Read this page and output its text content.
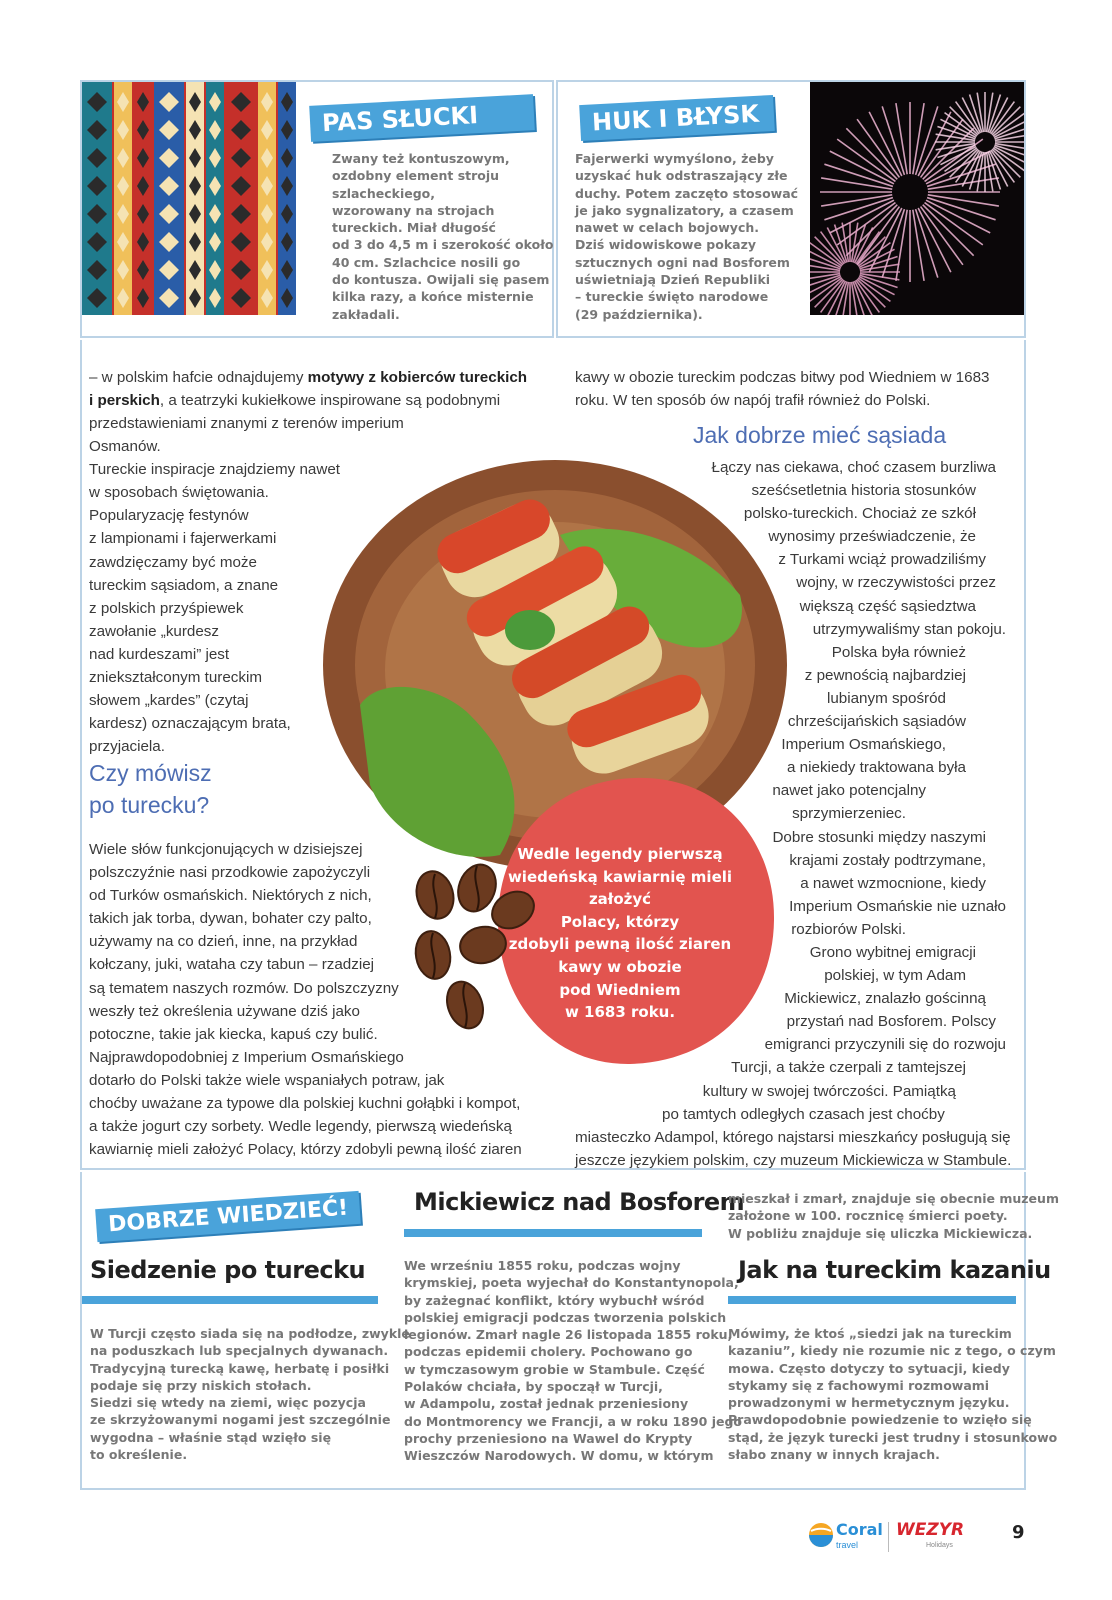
PAS SŁUCKI
Zwany też kontuszowym,
ozdobny element stroju
szlacheckiego,
wzorowany na strojach
tureckich. Miał długość
od 3 do 4,5 m i szerokość około
40 cm. Szlachcice nosili go
do kontusza. Owijali się pasem
kilka razy, a końce misternie
zakładali.
HUK I BŁYSK
Fajerwerki wymyślono, żeby
uzyskać huk odstraszający złe
duchy. Potem zaczęto stosować
je jako sygnalizatory, a czasem
nawet w celach bojowych.
Dziś widowiskowe pokazy
sztucznych ogni nad Bosforem
uświetniają Dzień Republiki
– tureckie święto narodowe
(29 października).
Wedle legendy pierwszą
wiedeńską kawiarnię mieli
założyć
Polacy, którzy
zdobyli pewną ilość ziaren
kawy w obozie
pod Wiedniem
w 1683 roku.
– w polskim hafcie odnajdujemy motywy z kobierców tureckich
i perskich, a teatrzyki kukiełkowe inspirowane są podobnymi
przedstawieniami znanymi z terenów imperium
Osmanów.
Tureckie inspiracje znajdziemy nawet
w sposobach świętowania.
Popularyzację festynów
z lampionami i fajerwerkami
zawdzięczamy być może
tureckim sąsiadom, a znane
z polskich przyśpiewek
zawołanie „kurdesz
nad kurdeszami” jest
zniekształconym tureckim
słowem „kardes” (czytaj
kardesz) oznaczającym brata,
przyjaciela.
Czy mówisz
po turecku?
Wiele słów funkcjonujących w dzisiejszej
polszczyźnie nasi przodkowie zapożyczyli
od Turków osmańskich. Niektórych z nich,
takich jak torba, dywan, bohater czy palto,
używamy na co dzień, inne, na przykład
kołczany, juki, wataha czy tabun – rzadziej
są tematem naszych rozmów. Do polszczyzny
weszły też określenia używane dziś jako
potoczne, takie jak kiecka, kapuś czy bulić.
Najprawdopodobniej z Imperium Osmańskiego
dotarło do Polski także wiele wspaniałych potraw, jak
choćby uważane za typowe dla polskiej kuchni gołąbki i kompot,
a także jogurt czy sorbety. Wedle legendy, pierwszą wiedeńską
kawiarnię mieli założyć Polacy, którzy zdobyli pewną ilość ziaren
kawy w obozie tureckim podczas bitwy pod Wiedniem w 1683
roku. W ten sposób ów napój trafił również do Polski.
Jak dobrze mieć sąsiada
Łączy nas ciekawa, choć czasem burzliwa
sześćsetletnia historia stosunków
polsko-tureckich. Chociaż ze szkół
wynosimy przeświadczenie, że
z Turkami wciąż prowadziliśmy
wojny, w rzeczywistości przez
większą część sąsiedztwa
utrzymywaliśmy stan pokoju.
Polska była również
z pewnością najbardziej
lubianym spośród
chrześcijańskich sąsiadów
Imperium Osmańskiego,
a niekiedy traktowana była
nawet jako potencjalny
sprzymierzeniec.
Dobre stosunki między naszymi
krajami zostały podtrzymane,
a nawet wzmocnione, kiedy
Imperium Osmańskie nie uznało
rozbiorów Polski.
Grono wybitnej emigracji
polskiej, w tym Adam
Mickiewicz, znalazło gościnną
przystań nad Bosforem. Polscy
emigranci przyczynili się do rozwoju
Turcji, a także czerpali z tamtejszej
kultury w swojej twórczości. Pamiątką
po tamtych odległych czasach jest choćby
miasteczko Adampol, którego najstarsi mieszkańcy posługują się
jeszcze językiem polskim, czy muzeum Mickiewicza w Stambule.
DOBRZE WIEDZIEĆ!
Siedzenie po turecku
W Turcji często siada się na podłodze, zwykle
na poduszkach lub specjalnych dywanach.
Tradycyjną turecką kawę, herbatę i posiłki
podaje się przy niskich stołach.
Siedzi się wtedy na ziemi, więc pozycja
ze skrzyżowanymi nogami jest szczególnie
wygodna – właśnie stąd wzięło się
to określenie.
Mickiewicz nad Bosforem
We wrześniu 1855 roku, podczas wojny
krymskiej, poeta wyjechał do Konstantynopola,
by zażegnać konflikt, który wybuchł wśród
polskiej emigracji podczas tworzenia polskich
legionów. Zmarł nagle 26 listopada 1855 roku,
podczas epidemii cholery. Pochowano go
w tymczasowym grobie w Stambule. Część
Polaków chciała, by spoczął w Turcji,
w Adampolu, został jednak przeniesiony
do Montmorency we Francji, a w roku 1890 jego
prochy przeniesiono na Wawel do Krypty
Wieszczów Narodowych. W domu, w którym
mieszkał i zmarł, znajduje się obecnie muzeum
założone w 100. rocznicę śmierci poety.
W pobliżu znajduje się uliczka Mickiewicza.
Jak na tureckim kazaniu
Mówimy, że ktoś „siedzi jak na tureckim
kazaniu”, kiedy nie rozumie nic z tego, o czym
mowa. Często dotyczy to sytuacji, kiedy
stykamy się z fachowymi rozmowami
prowadzonymi w hermetycznym języku.
Prawdopodobnie powiedzenie to wzięło się
stąd, że język turecki jest trudny i stosunkowo
słabo znany w innych krajach.
Coral
travel
WEZYR
Holidays
9
